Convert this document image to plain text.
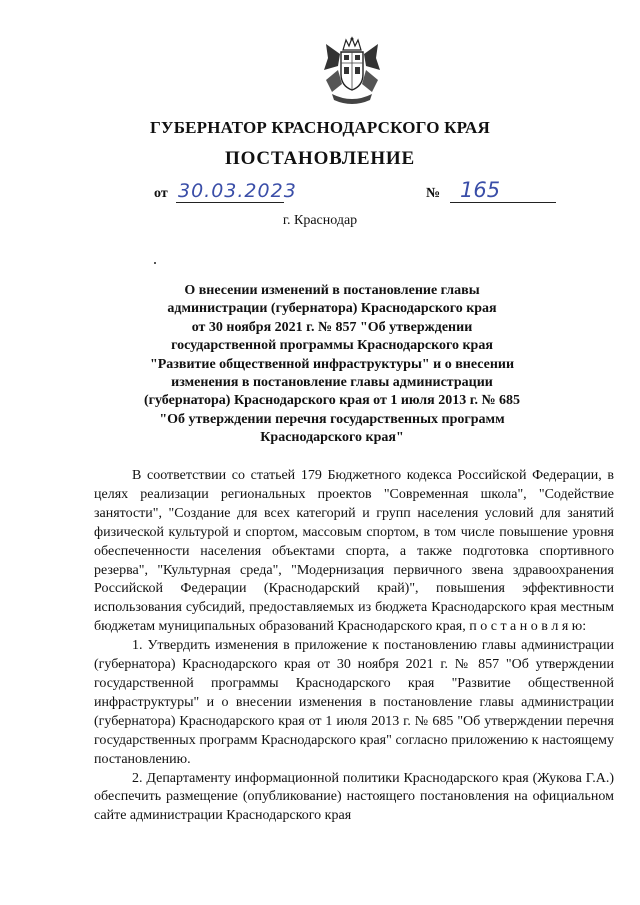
ГУБЕРНАТОР КРАСНОДАРСКОГО КРАЯ
ПОСТАНОВЛЕНИЕ
от 30.03.2023	№ 165
г. Краснодар
О внесении изменений в постановление главы
администрации (губернатора) Краснодарского края
от 30 ноября 2021 г. № 857 "Об утверждении
государственной программы Краснодарского края
"Развитие общественной инфраструктуры" и о внесении
изменения в постановление главы администрации
(губернатора) Краснодарского края от 1 июля 2013 г. № 685
"Об утверждении перечня государственных программ
Краснодарского края"

В соответствии со статьей 179 Бюджетного кодекса Российской Федерации, в целях реализации региональных проектов "Современная школа", "Содействие занятости", "Создание для всех категорий и групп населения условий для занятий физической культурой и спортом, массовым спортом, в том числе повышение уровня обеспеченности населения объектами спорта, а также подготовка спортивного резерва", "Культурная среда", "Модернизация первичного звена здравоохранения Российской Федерации (Краснодарский край)", повышения эффективности использования субсидий, предоставляемых из бюджета Краснодарского края местным бюджетам муниципальных образований Краснодарского края, п о с т а н о в л я ю:

1. Утвердить изменения в приложение к постановлению главы администрации (губернатора) Краснодарского края от 30 ноября 2021 г. № 857 "Об утверждении государственной программы Краснодарского края "Развитие общественной инфраструктуры" и о внесении изменения в постановление главы администрации (губернатора) Краснодарского края от 1 июля 2013 г. № 685 "Об утверждении перечня государственных программ Краснодарского края" согласно приложению к настоящему постановлению.

2. Департаменту информационной политики Краснодарского края (Жукова Г.А.) обеспечить размещение (опубликование) настоящего постановления на официальном сайте администрации Краснодарского края
